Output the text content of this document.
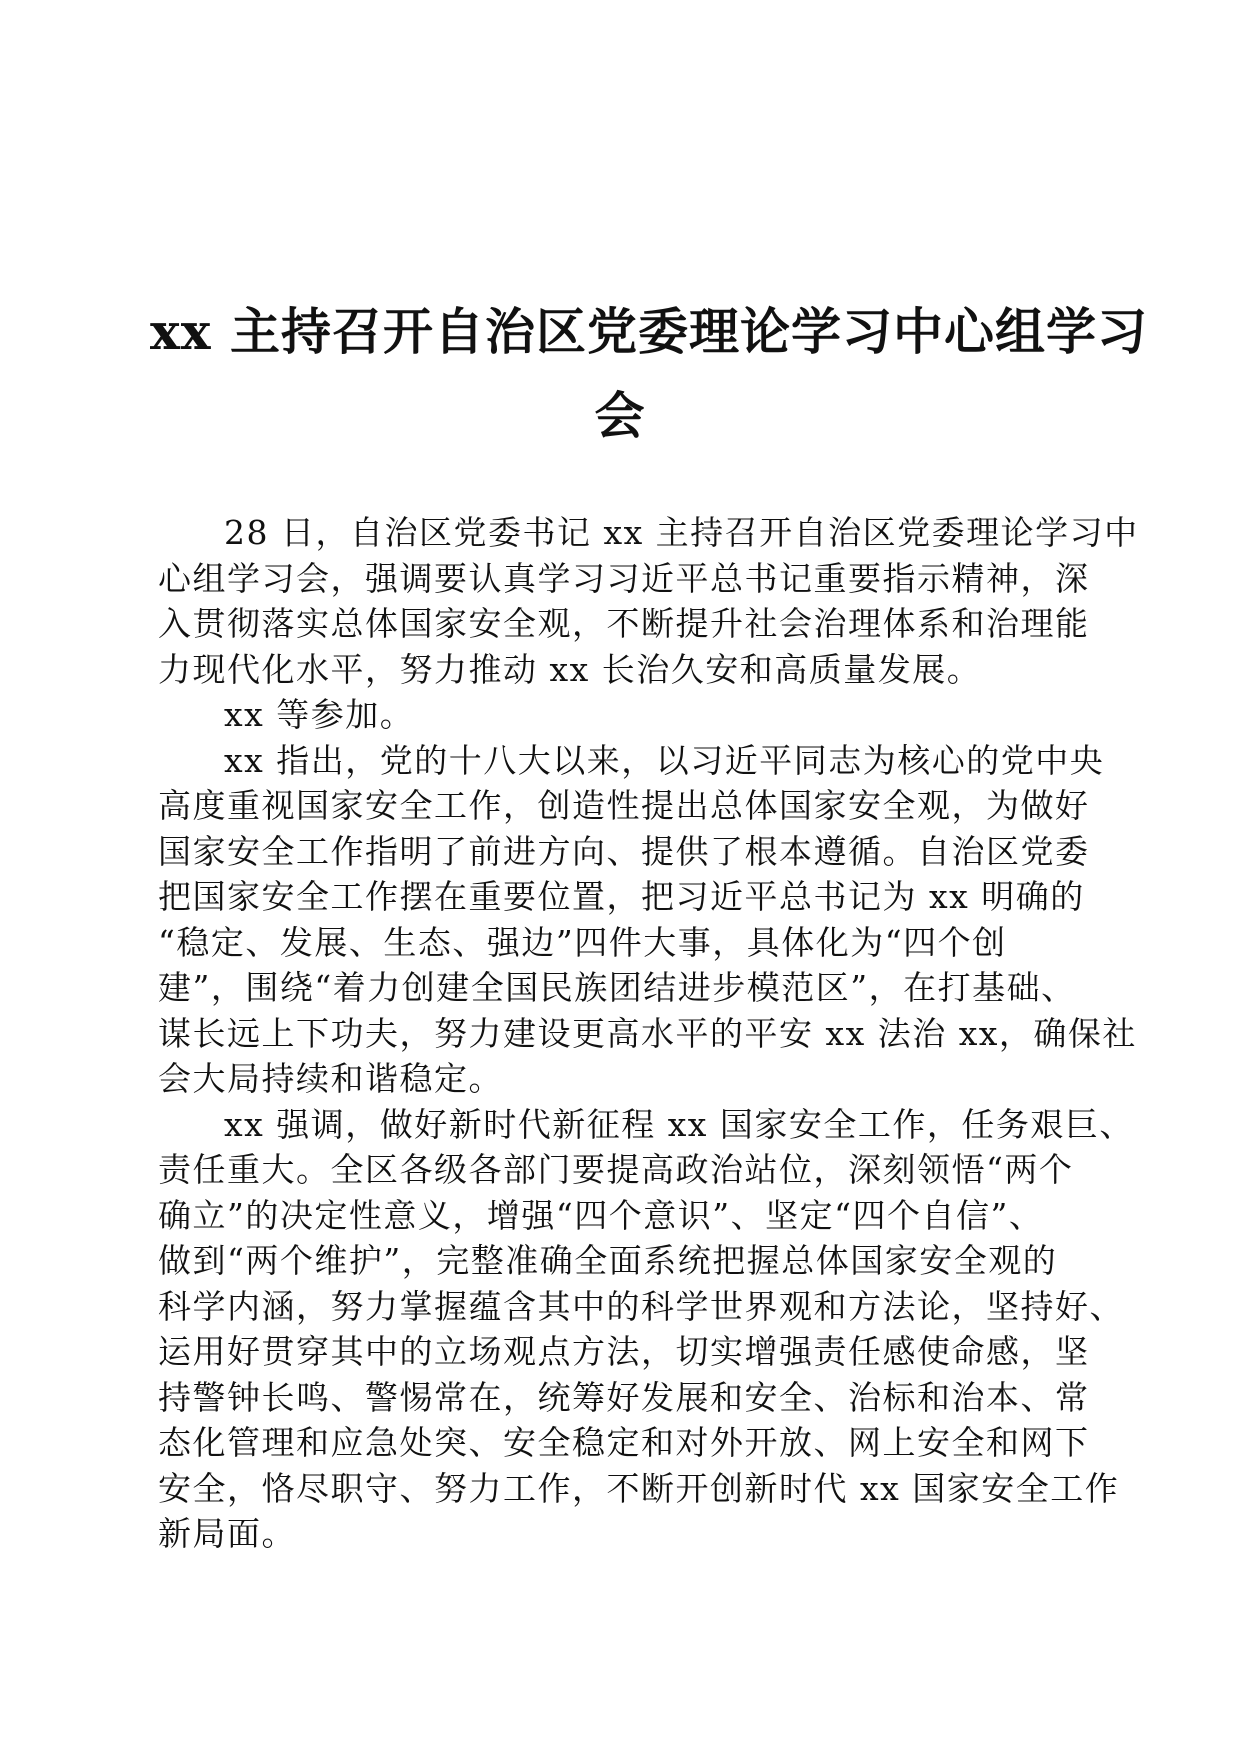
xx 主持召开自治区党委理论学习中心组学习
会

28 日，自治区党委书记 xx 主持召开自治区党委理论学习中
心组学习会，强调要认真学习习近平总书记重要指示精神，深
入贯彻落实总体国家安全观，不断提升社会治理体系和治理能
力现代化水平，努力推动 xx 长治久安和高质量发展。

xx 等参加。

xx 指出，党的十八大以来，以习近平同志为核心的党中央
高度重视国家安全工作，创造性提出总体国家安全观，为做好
国家安全工作指明了前进方向、提供了根本遵循。自治区党委
把国家安全工作摆在重要位置，把习近平总书记为 xx 明确的
“稳定、发展、生态、强边”四件大事，具体化为“四个创
建”，围绕“着力创建全国民族团结进步模范区”，在打基础、
谋长远上下功夫，努力建设更高水平的平安 xx 法治 xx，确保社
会大局持续和谐稳定。

xx 强调，做好新时代新征程 xx 国家安全工作，任务艰巨、
责任重大。全区各级各部门要提高政治站位，深刻领悟“两个
确立”的决定性意义，增强“四个意识”、坚定“四个自信”、
做到“两个维护”，完整准确全面系统把握总体国家安全观的
科学内涵，努力掌握蕴含其中的科学世界观和方法论，坚持好、
运用好贯穿其中的立场观点方法，切实增强责任感使命感，坚
持警钟长鸣、警惕常在，统筹好发展和安全、治标和治本、常
态化管理和应急处突、安全稳定和对外开放、网上安全和网下
安全，恪尽职守、努力工作，不断开创新时代 xx 国家安全工作
新局面。
